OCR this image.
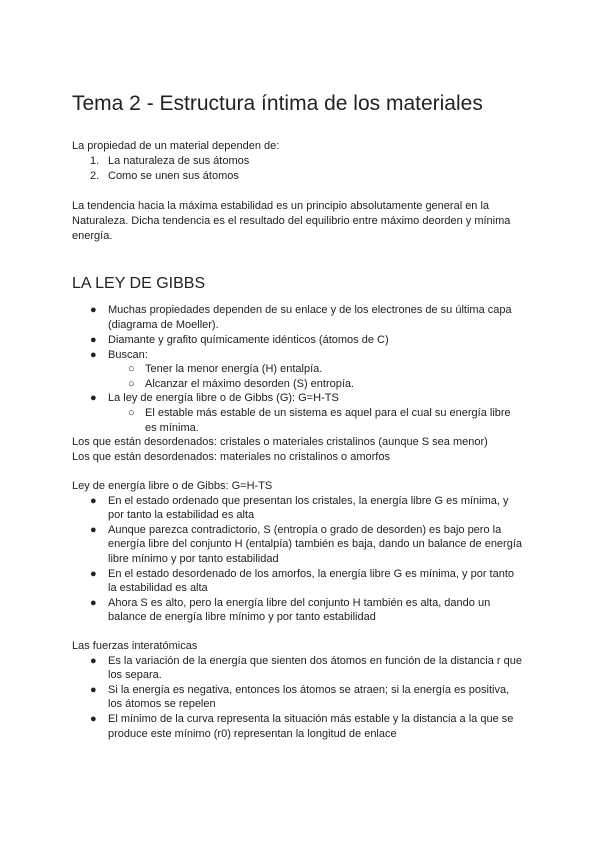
Tema 2 - Estructura íntima de los materiales
La propiedad de un material dependen de:
1. La naturaleza de sus átomos
2. Como se unen sus átomos
La tendencia hacia la máxima estabilidad es un principio absolutamente general en la
Naturaleza. Dicha tendencia es el resultado del equilibrio entre máximo deorden y mínima
energía.
LA LEY DE GIBBS
● Muchas propiedades dependen de su enlace y de los electrones de su última capa
(diagrama de Moeller).
● Diamante y grafito químicamente idénticos (átomos de C)
● Buscan:
○ Tener la menor energía (H) entalpía.
○ Alcanzar el máximo desorden (S) entropía.
● La ley de energía libre o de Gibbs (G): G=H-TS
○ El estable más estable de un sistema es aquel para el cual su energía libre
es mínima.
Los que están desordenados: cristales o materiales cristalinos (aunque S sea menor)
Los que están desordenados: materiales no cristalinos o amorfos
Ley de energía libre o de Gibbs: G=H-TS
● En el estado ordenado que presentan los cristales, la energía libre G es mínima, y
por tanto la estabilidad es alta
● Aunque parezca contradictorio, S (entropía o grado de desorden) es bajo pero la
energía libre del conjunto H (entalpía) también es baja, dando un balance de energía
libre mínimo y por tanto estabilidad
● En el estado desordenado de los amorfos, la energía libre G es mínima, y por tanto
la estabilidad es alta
● Ahora S es alto, pero la energía libre del conjunto H también es alta, dando un
balance de energía libre mínimo y por tanto estabilidad
Las fuerzas interatómicas
● Es la variación de la energía que sienten dos átomos en función de la distancia r que
los separa.
● Si la energía es negativa, entonces los átomos se atraen; si la energía es positiva,
los átomos se repelen
● El mínimo de la curva representa la situación más estable y la distancia a la que se
produce este mínimo (r0) representan la longitud de enlace
